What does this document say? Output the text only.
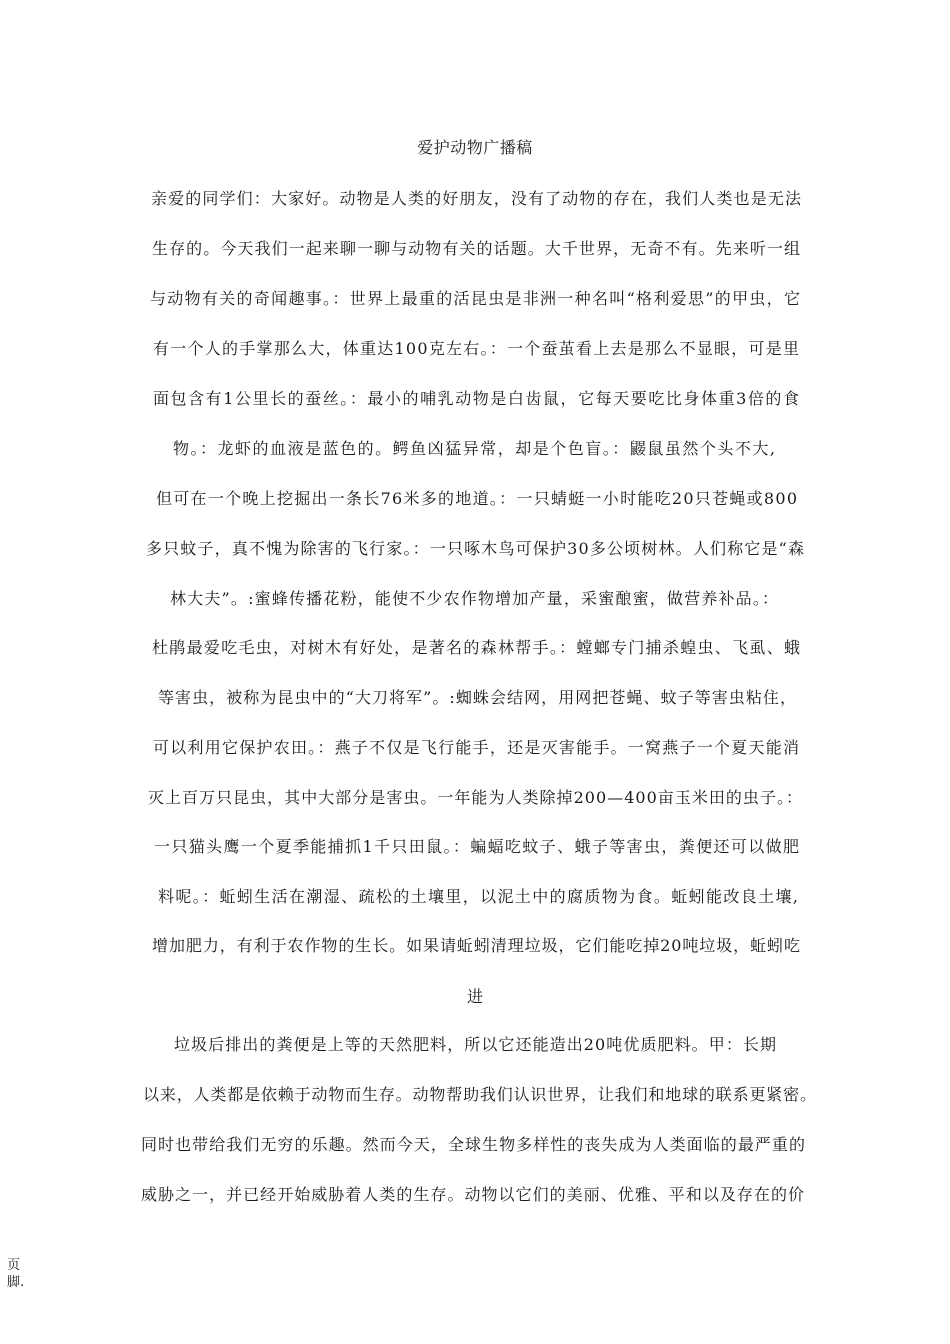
爱护动物广播稿
亲爱的同学们：大家好。动物是人类的好朋友，没有了动物的存在，我们人类也是无法
生存的。今天我们一起来聊一聊与动物有关的话题。大千世界，无奇不有。先来听一组
与动物有关的奇闻趣事。：世界上最重的活昆虫是非洲一种名叫“格利爱思”的甲虫，它
有一个人的手掌那么大，体重达100克左右。：一个蚕茧看上去是那么不显眼，可是里
面包含有1公里长的蚕丝。：最小的哺乳动物是白齿鼠，它每天要吃比身体重3倍的食
物。：龙虾的血液是蓝色的。鳄鱼凶猛异常，却是个色盲。：鼹鼠虽然个头不大,
但可在一个晚上挖掘出一条长76米多的地道。：一只蜻蜓一小时能吃20只苍蝇或800
多只蚊子，真不愧为除害的飞行家。：一只啄木鸟可保护30多公顷树林。人们称它是“森
林大夫”。:蜜蜂传播花粉，能使不少农作物增加产量，采蜜酿蜜，做营养补品。：
杜鹃最爱吃毛虫，对树木有好处，是著名的森林帮手。：螳螂专门捕杀蝗虫、飞虱、蛾
等害虫，被称为昆虫中的“大刀将军”。:蜘蛛会结网，用网把苍蝇、蚊子等害虫粘住，
可以利用它保护农田。：燕子不仅是飞行能手，还是灭害能手。一窝燕子一个夏天能消
灭上百万只昆虫，其中大部分是害虫。一年能为人类除掉200—400亩玉米田的虫子。：
一只猫头鹰一个夏季能捕抓1千只田鼠。：蝙蝠吃蚊子、蛾子等害虫，粪便还可以做肥
料呢。：蚯蚓生活在潮湿、疏松的土壤里，以泥土中的腐质物为食。蚯蚓能改良土壤,
增加肥力，有利于农作物的生长。如果请蚯蚓清理垃圾，它们能吃掉20吨垃圾，蚯蚓吃
进
垃圾后排出的粪便是上等的天然肥料，所以它还能造出20吨优质肥料。甲：长期
以来，人类都是依赖于动物而生存。动物帮助我们认识世界，让我们和地球的联系更紧密。
同时也带给我们无穷的乐趣。然而今天，全球生物多样性的丧失成为人类面临的最严重的
威胁之一，并已经开始威胁着人类的生存。动物以它们的美丽、优雅、平和以及存在的价
页
脚.
